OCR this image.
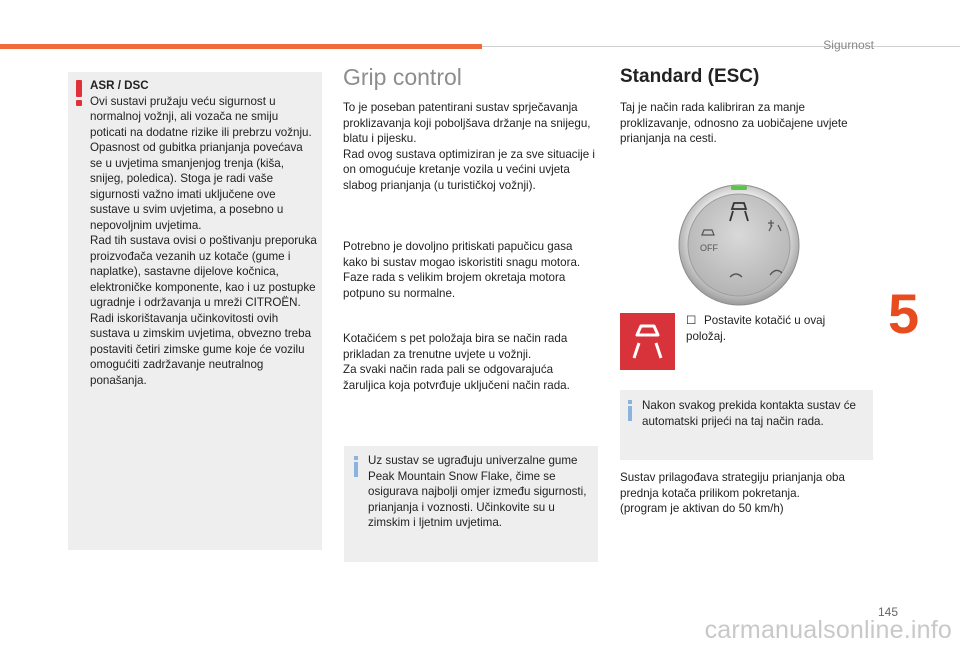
Sigurnost
5
145
carmanualsonline.info

ASR / DSC

Ovi sustavi pružaju veću sigurnost u normalnoj vožnji, ali vozača ne smiju poticati na dodatne rizike ili prebrzu vožnju.

Opasnost od gubitka prianjanja povećava se u uvjetima smanjenjog trenja (kiša, snijeg, poledica). Stoga je radi vaše sigurnosti važno imati uključene ove sustave u svim uvjetima, a posebno u nepovoljnim uvjetima.

Rad tih sustava ovisi o poštivanju preporuka proizvođača vezanih uz kotače (gume i naplatke), sastavne dijelove kočnica, elektroničke komponente, kao i uz postupke ugradnje i održavanja u mreži CITROËN.

Radi iskorištavanja učinkovitosti ovih sustava u zimskim uvjetima, obvezno treba postaviti četiri zimske gume koje će vozilu omogućiti zadržavanje neutralnog ponašanja.

Grip control

To je poseban patentirani sustav sprječavanja proklizavanja koji poboljšava držanje na snijegu, blatu i pijesku.

Rad ovog sustava optimiziran je za sve situacije i on omogućuje kretanje vozila u većini uvjeta slabog prianjanja (u turističkoj vožnji).

Potrebno je dovoljno pritiskati papučicu gasa kako bi sustav mogao iskoristiti snagu motora. Faze rada s velikim brojem okretaja motora potpuno su normalne.

Kotačićem s pet položaja bira se način rada prikladan za trenutne uvjete u vožnji.

Za svaki način rada pali se odgovarajuća žaruljica koja potvrđuje uključeni način rada.

Uz sustav se ugrađuju univerzalne gume Peak Mountain Snow Flake, čime se osigurava najbolji omjer između sigurnosti, prianjanja i voznosti. Učinkovite su u zimskim i ljetnim uvjetima.
Standard (ESC)

Taj je način rada kalibriran za manje proklizavanje, odnosno za uobičajene uvjete prianjanja na cesti.

OFF
☐ Postavite kotačić u ovaj položaj.
Nakon svakog prekida kontakta sustav će automatski prijeći na taj način rada.

Sustav prilagođava strategiju prianjanja oba prednja kotača prilikom pokretanja.

(program je aktivan do 50 km/h)
